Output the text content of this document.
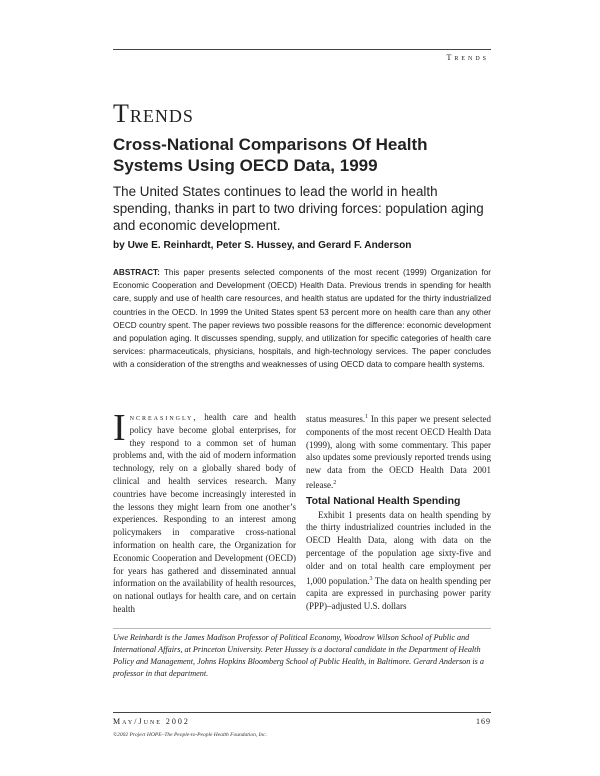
Trends
Trends
Cross-National Comparisons Of Health Systems Using OECD Data, 1999
The United States continues to lead the world in health spending, thanks in part to two driving forces: population aging and economic development.
by Uwe E. Reinhardt, Peter S. Hussey, and Gerard F. Anderson
ABSTRACT: This paper presents selected components of the most recent (1999) Organization for Economic Cooperation and Development (OECD) Health Data. Previous trends in spending for health care, supply and use of health care resources, and health status are updated for the thirty industrialized countries in the OECD. In 1999 the United States spent 53 percent more on health care than any other OECD country spent. The paper reviews two possible reasons for the difference: economic development and population aging. It discusses spending, supply, and utilization for specific categories of health care services: pharmaceuticals, physicians, hospitals, and high-technology services. The paper concludes with a consideration of the strengths and weaknesses of using OECD data to compare health systems.
Increasingly, health care and health policy have become global enterprises, for they respond to a common set of human problems and, with the aid of modern information technology, rely on a globally shared body of clinical and health services research. Many countries have become increasingly interested in the lessons they might learn from one another’s experiences. Responding to an interest among policymakers in comparative cross-national information on health care, the Organization for Economic Cooperation and Development (OECD) for years has gathered and disseminated annual information on the availability of health resources, on national outlays for health care, and on certain health

status measures.$^1$ In this paper we present selected components of the most recent OECD Health Data (1999), along with some commentary. This paper also updates some previously reported trends using new data from the OECD Health Data 2001 release.$^2$

Total National Health Spending

Exhibit 1 presents data on health spending by the thirty industrialized countries included in the OECD Health Data, along with data on the percentage of the population age sixty-five and older and on total health care employment per 1,000 population.$^3$ The data on health spending per capita are expressed in purchasing power parity (PPP)–adjusted U.S. dollars

Uwe Reinhardt is the James Madison Professor of Political Economy, Woodrow Wilson School of Public and International Affairs, at Princeton University. Peter Hussey is a doctoral candidate in the Department of Health Policy and Management, Johns Hopkins Bloomberg School of Public Health, in Baltimore. Gerard Anderson is a professor in that department.
May/June 2002	169
©2002 Project HOPE–The People-to-People Health Foundation, Inc.
